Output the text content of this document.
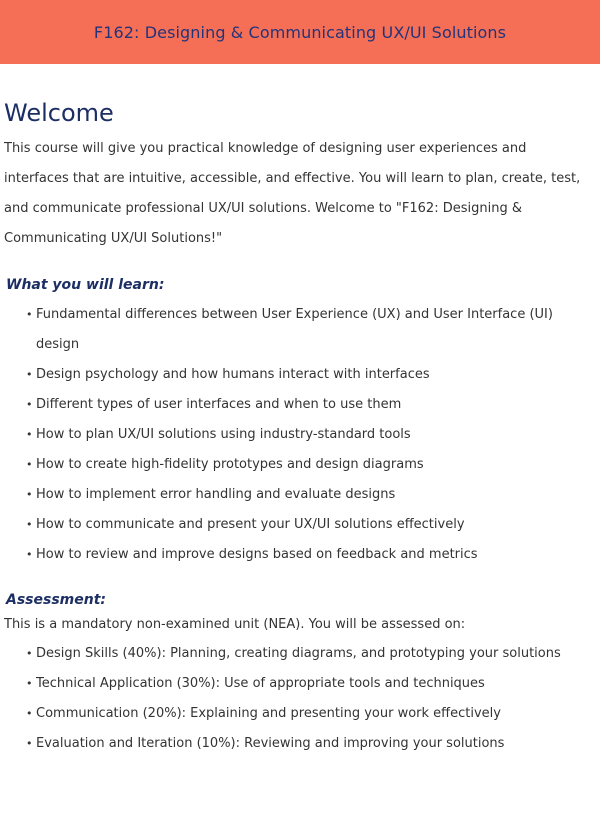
F162: Designing & Communicating UX/UI Solutions
Welcome

This course will give you practical knowledge of designing user experiences and interfaces that are intuitive, accessible, and effective. You will learn to plan, create, test, and communicate professional UX/UI solutions. Welcome to "F162: Designing & Communicating UX/UI Solutions!"

What you will learn:
• Fundamental differences between User Experience (UX) and User Interface (UI) design
• Design psychology and how humans interact with interfaces
• Different types of user interfaces and when to use them
• How to plan UX/UI solutions using industry-standard tools
• How to create high-fidelity prototypes and design diagrams
• How to implement error handling and evaluate designs
• How to communicate and present your UX/UI solutions effectively
• How to review and improve designs based on feedback and metrics
Assessment:

This is a mandatory non-examined unit (NEA). You will be assessed on:

• Design Skills (40%): Planning, creating diagrams, and prototyping your solutions
• Technical Application (30%): Use of appropriate tools and techniques
• Communication (20%): Explaining and presenting your work effectively
• Evaluation and Iteration (10%): Reviewing and improving your solutions
